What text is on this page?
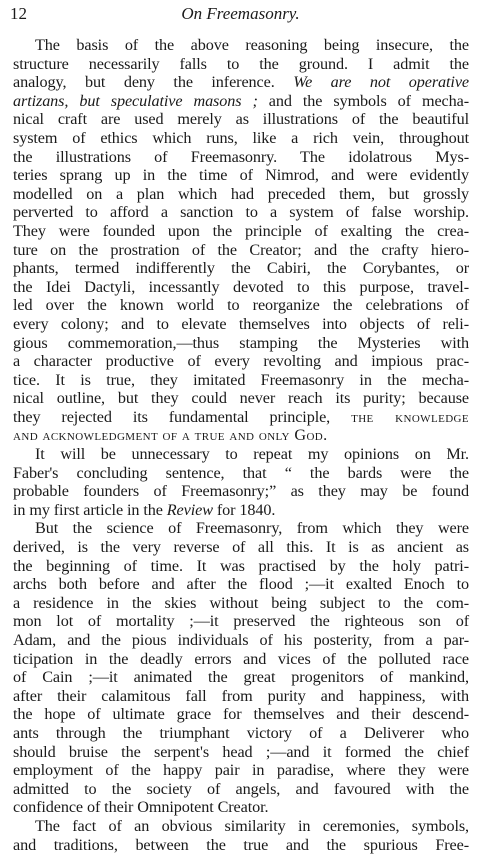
12	On Freemasonry.
The basis of the above reasoning being insecure, the
structure necessarily falls to the ground. I admit the
analogy, but deny the inference. We are not operative
artizans, but speculative masons ; and the symbols of mecha-
nical craft are used merely as illustrations of the beautiful
system of ethics which runs, like a rich vein, throughout
the illustrations of Freemasonry. The idolatrous Mys-
teries sprang up in the time of Nimrod, and were evidently
modelled on a plan which had preceded them, but grossly
perverted to afford a sanction to a system of false worship.
They were founded upon the principle of exalting the crea-
ture on the prostration of the Creator; and the crafty hiero-
phants, termed indifferently the Cabiri, the Corybantes, or
the Idei Dactyli, incessantly devoted to this purpose, travel-
led over the known world to reorganize the celebrations of
every colony; and to elevate themselves into objects of reli-
gious commemoration,—thus stamping the Mysteries with
a character productive of every revolting and impious prac-
tice. It is true, they imitated Freemasonry in the mecha-
nical outline, but they could never reach its purity; because
they rejected its fundamental principle, the knowledge
and acknowledgment of a true and only God.
It will be unnecessary to repeat my opinions on Mr.
Faber's concluding sentence, that “ the bards were the
probable founders of Freemasonry;” as they may be found
in my first article in the Review for 1840.
But the science of Freemasonry, from which they were
derived, is the very reverse of all this. It is as ancient as
the beginning of time. It was practised by the holy patri-
archs both before and after the flood ;—it exalted Enoch to
a residence in the skies without being subject to the com-
mon lot of mortality ;—it preserved the righteous son of
Adam, and the pious individuals of his posterity, from a par-
ticipation in the deadly errors and vices of the polluted race
of Cain ;—it animated the great progenitors of mankind,
after their calamitous fall from purity and happiness, with
the hope of ultimate grace for themselves and their descend-
ants through the triumphant victory of a Deliverer who
should bruise the serpent's head ;—and it formed the chief
employment of the happy pair in paradise, where they were
admitted to the society of angels, and favoured with the
confidence of their Omnipotent Creator.
The fact of an obvious similarity in ceremonies, symbols,
and traditions, between the true and the spurious Free-
